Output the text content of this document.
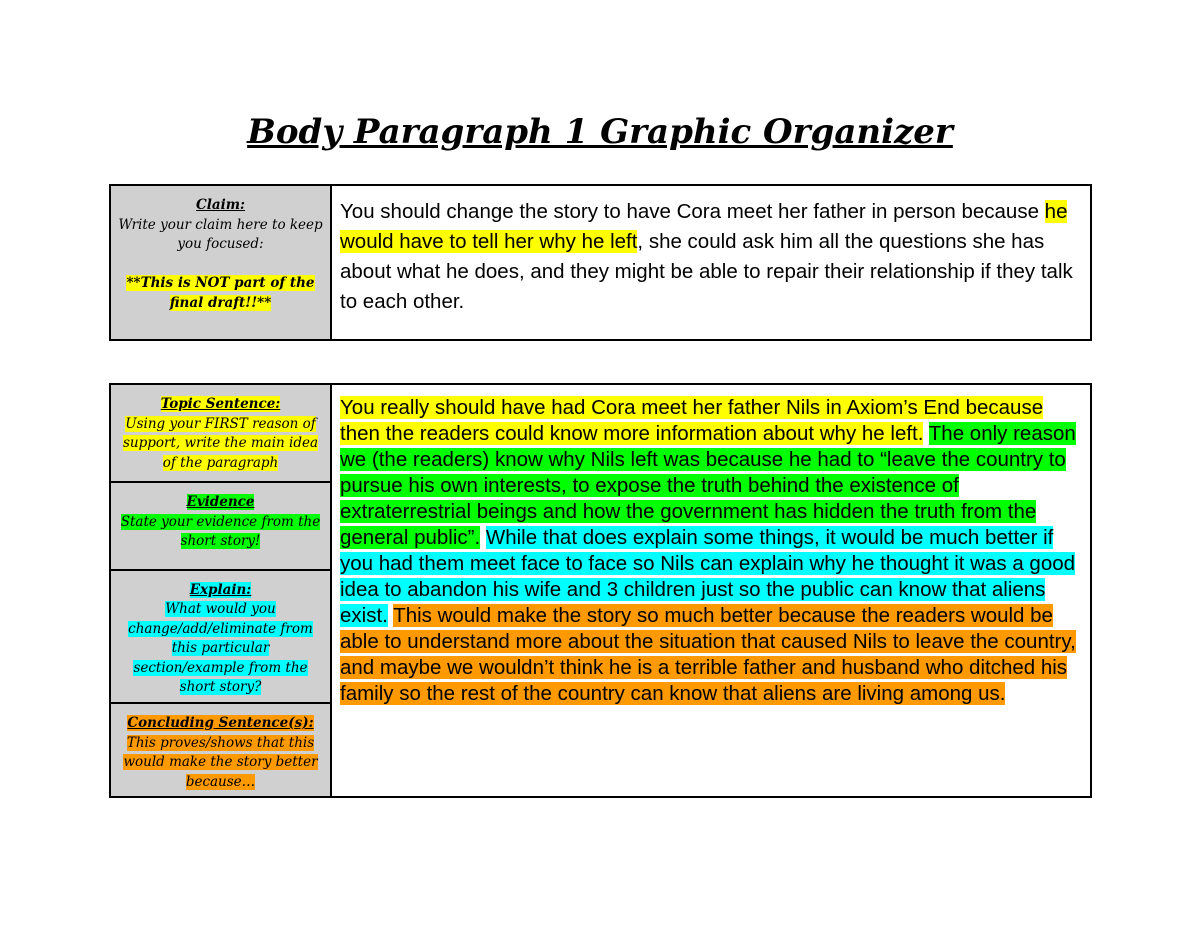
Body Paragraph 1 Graphic Organizer
Claim:
Write your claim here to keep you focused:
**This is NOT part of the final draft!!**
You should change the story to have Cora meet her father in person because he would have to tell her why he left, she could ask him all the questions she has about what he does, and they might be able to repair their relationship if they talk to each other.
Topic Sentence:
Using your FIRST reason of support, write the main idea of the paragraph
Evidence
State your evidence from the short story!
Explain:
What would you change/add/eliminate from this particular section/example from the short story?
Concluding Sentence(s):
This proves/shows that this would make the story better because…
You really should have had Cora meet her father Nils in Axiom’s End because then the readers could know more information about why he left. The only reason we (the readers) know why Nils left was because he had to “leave the country to pursue his own interests, to expose the truth behind the existence of extraterrestrial beings and how the government has hidden the truth from the general public”. While that does explain some things, it would be much better if you had them meet face to face so Nils can explain why he thought it was a good idea to abandon his wife and 3 children just so the public can know that aliens exist. This would make the story so much better because the readers would be able to understand more about the situation that caused Nils to leave the country, and maybe we wouldn’t think he is a terrible father and husband who ditched his family so the rest of the country can know that aliens are living among us.
